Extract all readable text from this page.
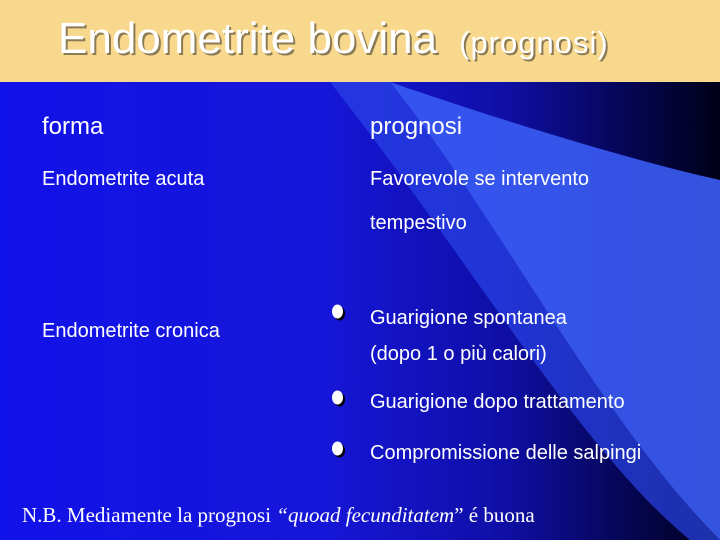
Endometrite bovina (prognosi)
forma	prognosi
Endometrite acuta	Favorevole se intervento
tempestivo
Endometrite cronica
Guarigione spontanea
(dopo 1 o più calori)
Guarigione dopo trattamento
Compromissione delle salpingi
N.B. Mediamente la prognosi “quoad fecunditatem” é buona
